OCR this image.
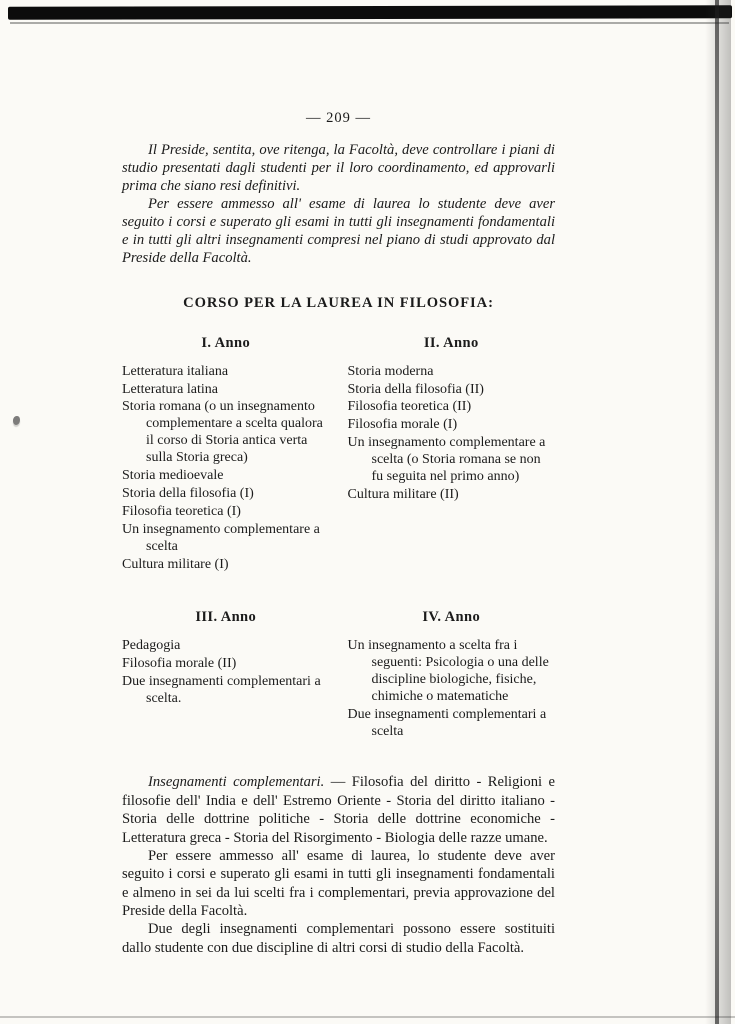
— 209 —

Il Preside, sentita, ove ritenga, la Facoltà, deve controllare i piani di studio presentati dagli studenti per il loro coordinamento, ed approvarli prima che siano resi definitivi.

Per essere ammesso all' esame di laurea lo studente deve aver seguito i corsi e superato gli esami in tutti gli insegnamenti fondamentali e in tutti gli altri insegnamenti compresi nel piano di studi approvato dal Preside della Facoltà.

CORSO PER LA LAUREA IN FILOSOFIA:
I. Anno
Letteratura italiana
Letteratura latina
Storia romana (o un insegnamento complementare a scelta qualora il corso di Storia antica verta sulla Storia greca)
Storia medioevale
Storia della filosofia (I)
Filosofia teoretica (I)
Un insegnamento complementare a scelta
Cultura militare (I)
II. Anno
Storia moderna
Storia della filosofia (II)
Filosofia teoretica (II)
Filosofia morale (I)
Un insegnamento complementare a scelta (o Storia romana se non fu seguita nel primo anno)
Cultura militare (II)
III. Anno
Pedagogia
Filosofia morale (II)
Due insegnamenti complementari a scelta.
IV. Anno
Un insegnamento a scelta fra i seguenti: Psicologia o una delle discipline biologiche, fisiche, chimiche o matematiche
Due insegnamenti complementari a scelta

Insegnamenti complementari. — Filosofia del diritto - Religioni e filosofie dell' India e dell' Estremo Oriente - Storia del diritto italiano - Storia delle dottrine politiche - Storia delle dottrine economiche - Letteratura greca - Storia del Risorgimento - Biologia delle razze umane.

Per essere ammesso all' esame di laurea, lo studente deve aver seguito i corsi e superato gli esami in tutti gli insegnamenti fondamentali e almeno in sei da lui scelti fra i complementari, previa approvazione del Preside della Facoltà.

Due degli insegnamenti complementari possono essere sostituiti dallo studente con due discipline di altri corsi di studio della Facoltà.
